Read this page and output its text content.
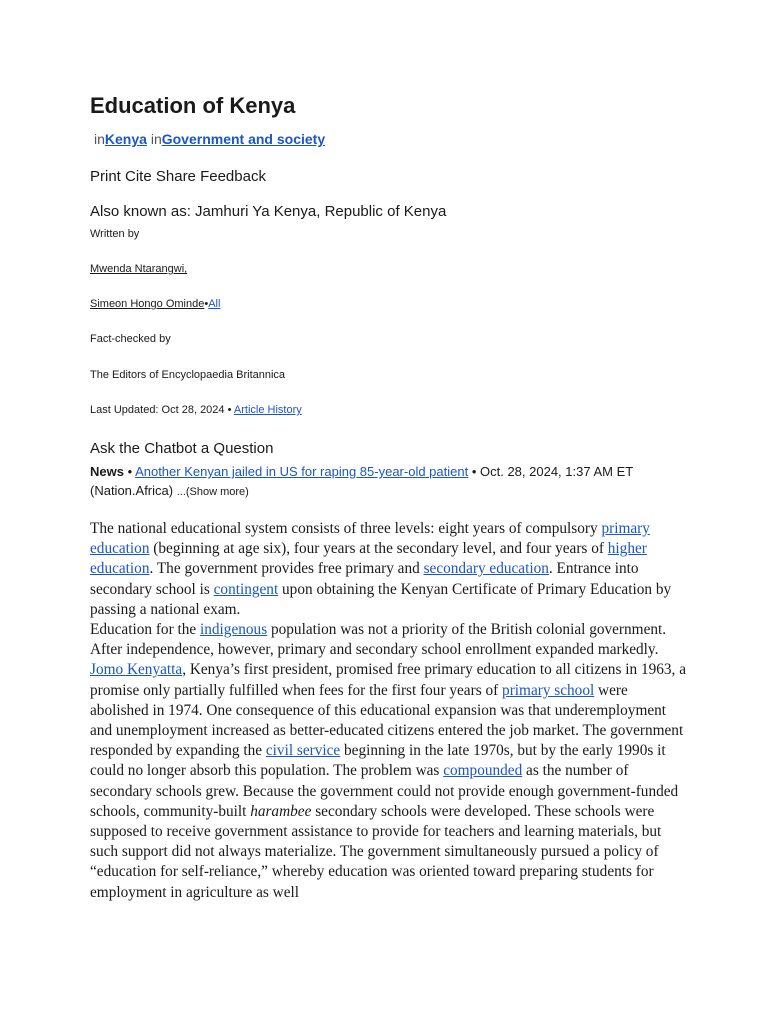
Education of Kenya
inKenya inGovernment and society
Print Cite Share Feedback
Also known as: Jamhuri Ya Kenya, Republic of Kenya
Written by
Mwenda Ntarangwi,
Simeon Hongo Ominde•All
Fact-checked by
The Editors of Encyclopaedia Britannica
Last Updated: Oct 28, 2024 • Article History
Ask the Chatbot a Question
News • Another Kenyan jailed in US for raping 85-year-old patient • Oct. 28, 2024, 1:37 AM ET (Nation.Africa) ...(Show more)

The national educational system consists of three levels: eight years of compulsory primary education (beginning at age six), four years at the secondary level, and four years of higher education. The government provides free primary and secondary education. Entrance into secondary school is contingent upon obtaining the Kenyan Certificate of Primary Education by passing a national exam.

Education for the indigenous population was not a priority of the British colonial government. After independence, however, primary and secondary school enrollment expanded markedly. Jomo Kenyatta, Kenya’s first president, promised free primary education to all citizens in 1963, a promise only partially fulfilled when fees for the first four years of primary school were abolished in 1974. One consequence of this educational expansion was that underemployment and unemployment increased as better-educated citizens entered the job market. The government responded by expanding the civil service beginning in the late 1970s, but by the early 1990s it could no longer absorb this population. The problem was compounded as the number of secondary schools grew. Because the government could not provide enough government-funded schools, community-built harambee secondary schools were developed. These schools were supposed to receive government assistance to provide for teachers and learning materials, but such support did not always materialize. The government simultaneously pursued a policy of “education for self-reliance,” whereby education was oriented toward preparing students for employment in agriculture as well
